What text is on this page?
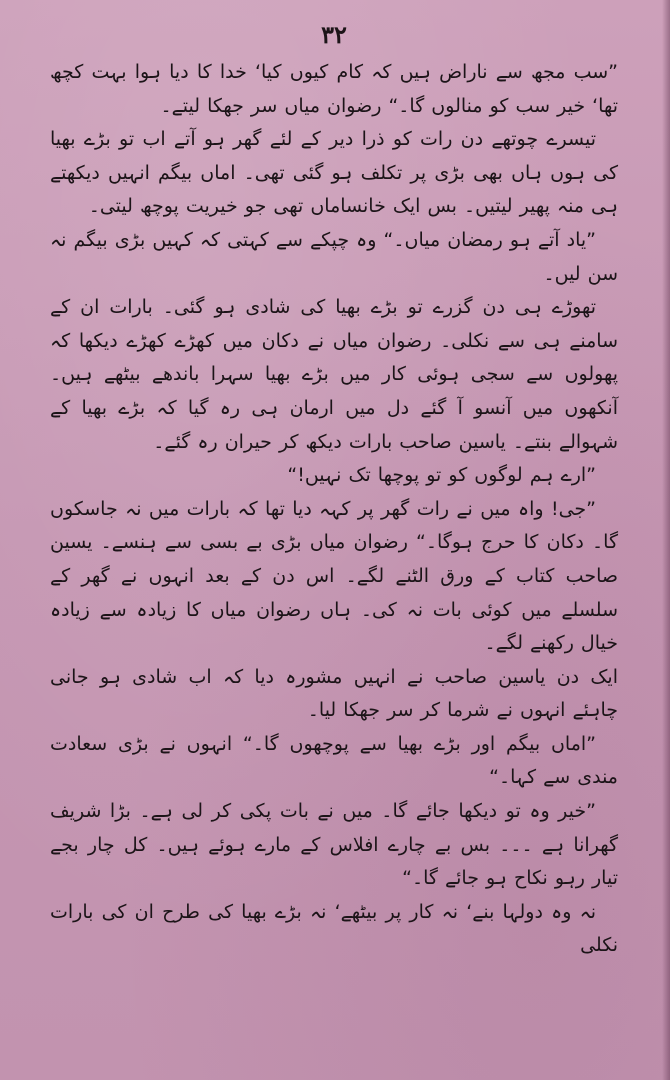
۳۲

”سب مجھ سے ناراض ہیں کہ کام کیوں کیا‘ خدا کا دیا ہوا بہت کچھ تھا‘ خیر سب کو منالوں گا۔“ رضوان میاں سر جھکا لیتے۔

تیسرے چوتھے دن رات کو ذرا دیر کے لئے گھر ہو آتے اب تو بڑے بھیا کی ہوں ہاں بھی بڑی پر تکلف ہو گئی تھی۔ اماں بیگم انہیں دیکھتے ہی منہ پھیر لیتیں۔ بس ایک خانساماں تھی جو خیریت پوچھ لیتی۔

”یاد آتے ہو رمضان میاں۔“ وہ چپکے سے کہتی کہ کہیں بڑی بیگم نہ سن لیں۔

تھوڑے ہی دن گزرے تو بڑے بھیا کی شادی ہو گئی۔ بارات ان کے سامنے ہی سے نکلی۔ رضوان میاں نے دکان میں کھڑے کھڑے دیکھا کہ پھولوں سے سجی ہوئی کار میں بڑے بھیا سہرا باندھے بیٹھے ہیں۔ آنکھوں میں آنسو آ گئے دل میں ارمان ہی رہ گیا کہ بڑے بھیا کے شہوالے بنتے۔ یاسین صاحب بارات دیکھ کر حیران رہ گئے۔

”ارے ہم لوگوں کو تو پوچھا تک نہیں!“

”جی! واہ میں نے رات گھر پر کہہ دیا تھا کہ بارات میں نہ جاسکوں گا۔ دکان کا حرج ہوگا۔“ رضوان میاں بڑی بے بسی سے ہنسے۔ یسین صاحب کتاب کے ورق الٹنے لگے۔ اس دن کے بعد انہوں نے گھر کے سلسلے میں کوئی بات نہ کی۔ ہاں رضوان میاں کا زیادہ سے زیادہ خیال رکھنے لگے۔

ایک دن یاسین صاحب نے انہیں مشورہ دیا کہ اب شادی ہو جانی چاہئے انہوں نے شرما کر سر جھکا لیا۔

”اماں بیگم اور بڑے بھیا سے پوچھوں گا۔“ انہوں نے بڑی سعادت مندی سے کہا۔“

”خیر وہ تو دیکھا جائے گا۔ میں نے بات پکی کر لی ہے۔ بڑا شریف گھرانا ہے ۔۔۔ بس بے چارے افلاس کے مارے ہوئے ہیں۔ کل چار بجے تیار رہو نکاح ہو جائے گا۔“

نہ وہ دولہا بنے‘ نہ کار پر بیٹھے‘ نہ بڑے بھیا کی طرح ان کی بارات نکلی
